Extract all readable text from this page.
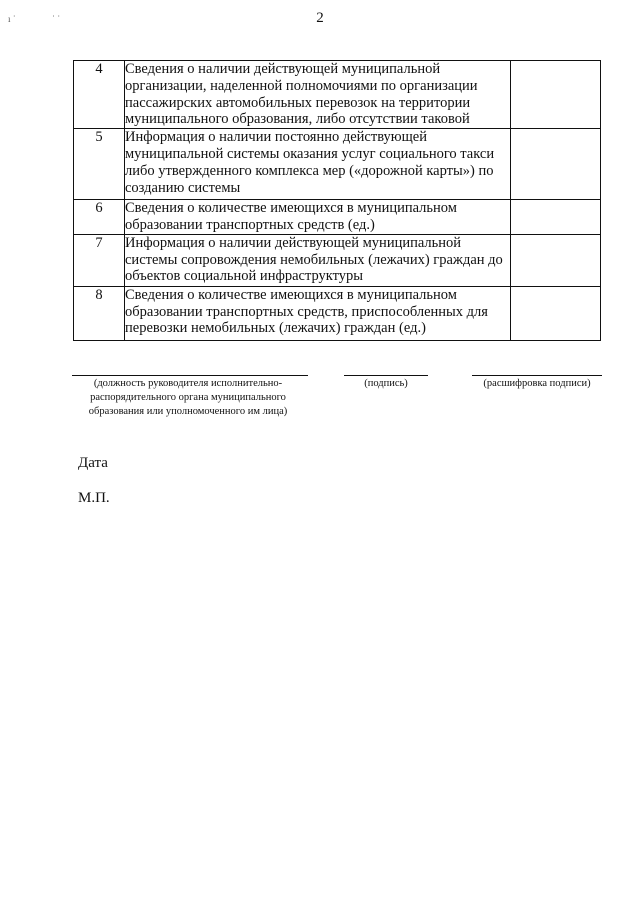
ı ˙	˙ ˙	2
4	Сведения о наличии действующей муниципальной организации, наделенной полномочиями по организации пассажирских автомобильных перевозок на территории муниципального образования, либо отсутствии таковой	
5	Информация о наличии постоянно действующей муниципальной системы оказания услуг социального такси либо утвержденного комплекса мер («дорожной карты») по созданию системы	
6	Сведения о количестве имеющихся в муниципальном образовании транспортных средств (ед.)	
7	Информация о наличии действующей муниципальной системы сопровождения немобильных (лежачих) граждан до объектов социальной инфраструктуры	
8	Сведения о количестве имеющихся в муниципальном образовании транспортных средств, приспособленных для перевозки немобильных (лежачих) граждан (ед.)	
(должность руководителя исполнительно-распорядительного органа муниципального образования или уполномоченного им лица)
(подпись)	(расшифровка подписи)
Дата
М.П.
